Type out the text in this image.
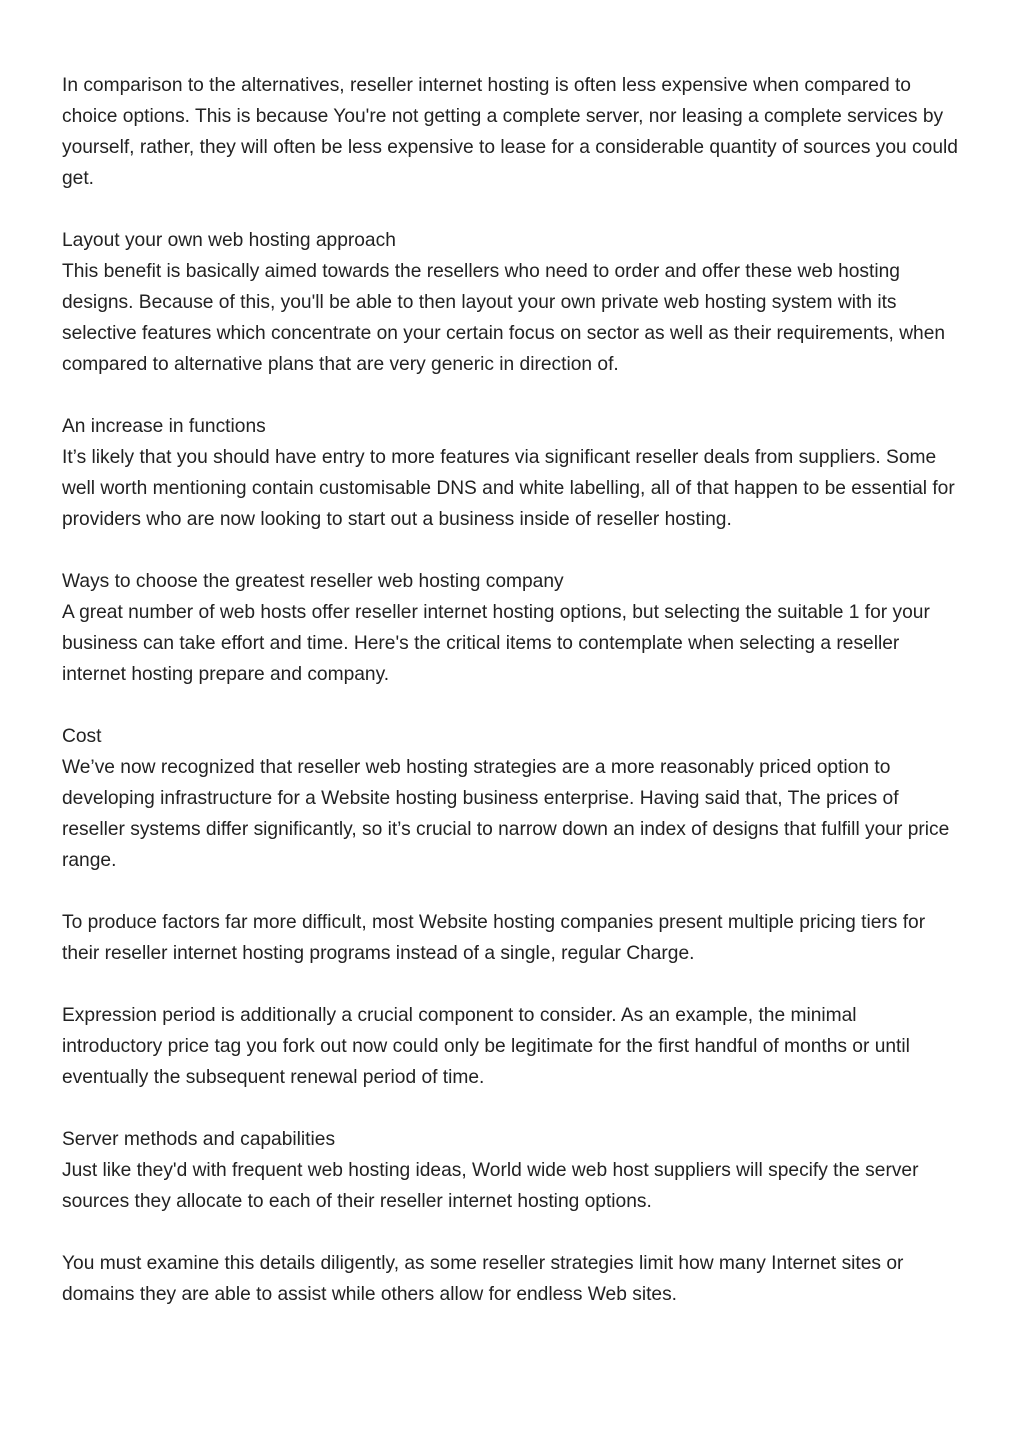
In comparison to the alternatives, reseller internet hosting is often less expensive when compared to choice options. This is because You're not getting a complete server, nor leasing a complete services by yourself, rather, they will often be less expensive to lease for a considerable quantity of sources you could get.

Layout your own web hosting approach

This benefit is basically aimed towards the resellers who need to order and offer these web hosting designs. Because of this, you'll be able to then layout your own private web hosting system with its selective features which concentrate on your certain focus on sector as well as their requirements, when compared to alternative plans that are very generic in direction of.

An increase in functions

It’s likely that you should have entry to more features via significant reseller deals from suppliers. Some well worth mentioning contain customisable DNS and white labelling, all of that happen to be essential for providers who are now looking to start out a business inside of reseller hosting.

Ways to choose the greatest reseller web hosting company

A great number of web hosts offer reseller internet hosting options, but selecting the suitable 1 for your business can take effort and time. Here's the critical items to contemplate when selecting a reseller internet hosting prepare and company.

Cost

We’ve now recognized that reseller web hosting strategies are a more reasonably priced option to developing infrastructure for a Website hosting business enterprise. Having said that, The prices of reseller systems differ significantly, so it’s crucial to narrow down an index of designs that fulfill your price range.

To produce factors far more difficult, most Website hosting companies present multiple pricing tiers for their reseller internet hosting programs instead of a single, regular Charge.

Expression period is additionally a crucial component to consider. As an example, the minimal introductory price tag you fork out now could only be legitimate for the first handful of months or until eventually the subsequent renewal period of time.

Server methods and capabilities

Just like they'd with frequent web hosting ideas, World wide web host suppliers will specify the server sources they allocate to each of their reseller internet hosting options.

You must examine this details diligently, as some reseller strategies limit how many Internet sites or domains they are able to assist while others allow for endless Web sites.
